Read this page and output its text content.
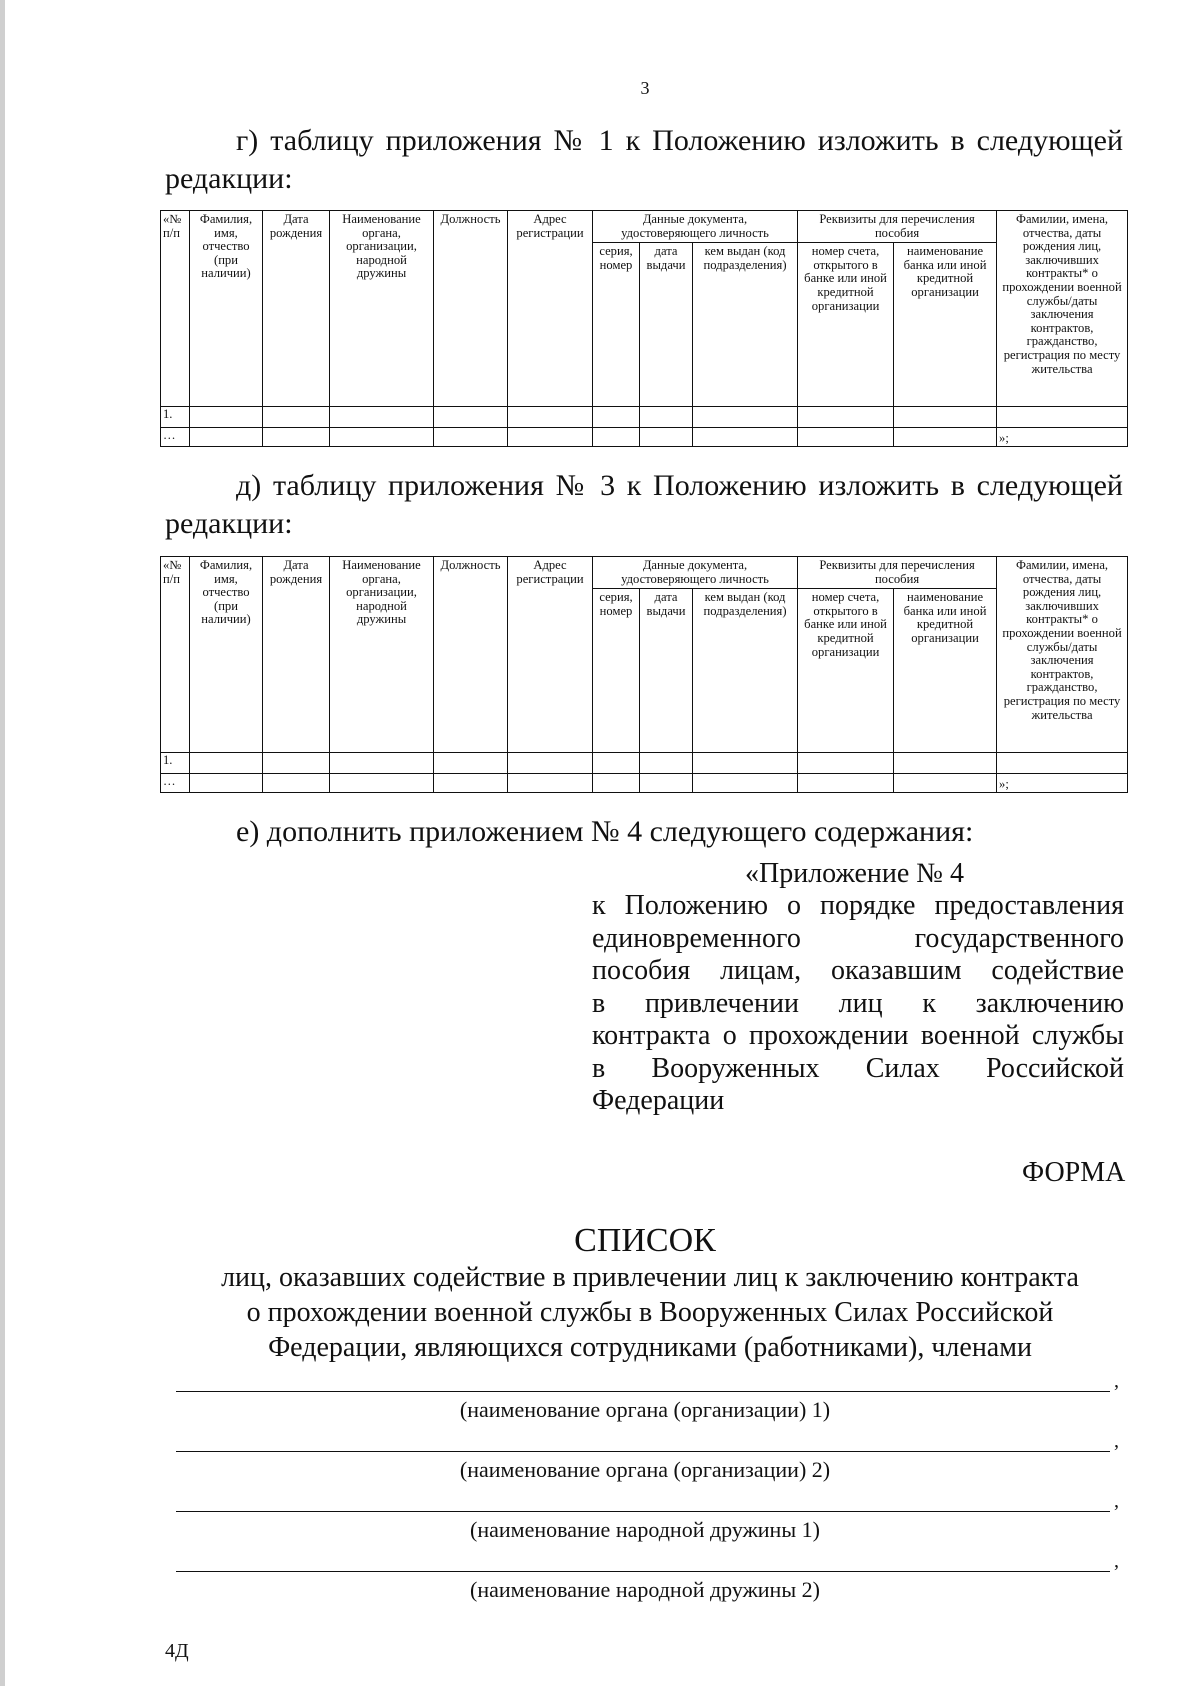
3
г) таблицу приложения № 1 к Положению изложить в следующей
редакции:
«№ п/п	Фамилия, имя, отчество (при наличии)	Дата рождения	Наименование органа, организации, народной дружины	Должность	Адрес регистрации	Данные документа, удостоверяющего личность			Реквизиты для перечисления пособия		Фамилии, имена, отчества, даты рождения лиц, заключивших контракты* о прохождении военной службы/даты заключения контрактов, гражданство, регистрация по месту жительства
						серия, номер	дата выдачи	кем выдан (код подразделения)	номер счета, открытого в банке или иной кредитной организации	наименование банка или иной кредитной организации	
1.											
…											»;
д) таблицу приложения № 3 к Положению изложить в следующей
редакции:
«№ п/п	Фамилия, имя, отчество (при наличии)	Дата рождения	Наименование органа, организации, народной дружины	Должность	Адрес регистрации	Данные документа, удостоверяющего личность			Реквизиты для перечисления пособия		Фамилии, имена, отчества, даты рождения лиц, заключивших контракты* о прохождении военной службы/даты заключения контрактов, гражданство, регистрация по месту жительства
						серия, номер	дата выдачи	кем выдан (код подразделения)	номер счета, открытого в банке или иной кредитной организации	наименование банка или иной кредитной организации	
1.											
…											»;
е) дополнить приложением № 4 следующего содержания:
«Приложение № 4
к Положению о порядке предоставления
единовременного государственного
пособия лицам, оказавшим содействие
в привлечении лиц к заключению
контракта о прохождении военной службы
в Вооруженных Силах Российской
Федерации
ФОРМА
СПИСОК
лиц, оказавших содействие в привлечении лиц к заключению контракта
о прохождении военной службы в Вооруженных Силах Российской
Федерации, являющихся сотрудниками (работниками), членами
,
(наименование органа (организации) 1)
,
(наименование органа (организации) 2)
,
(наименование народной дружины 1)
,
(наименование народной дружины 2)
4Д
